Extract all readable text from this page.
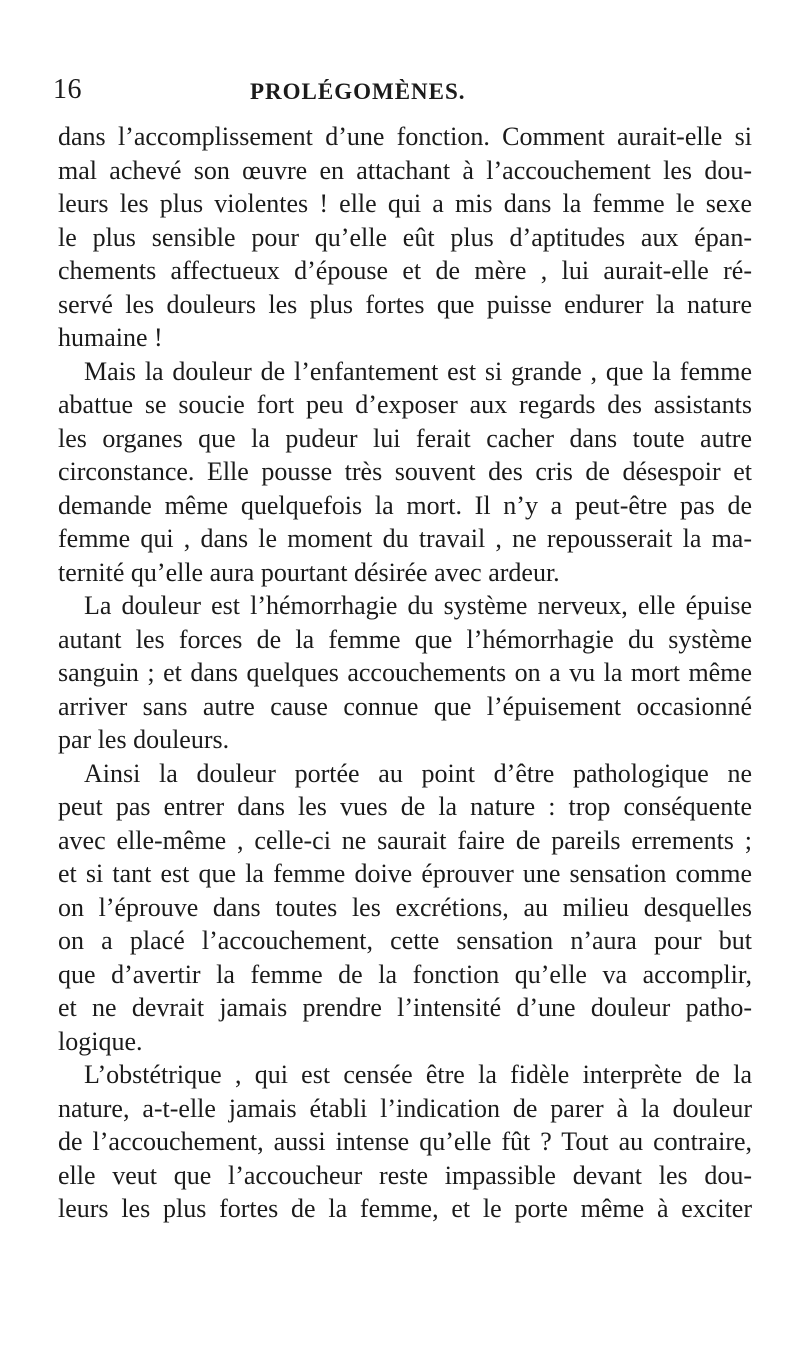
16	PROLÉGOMÈNES.
dans l’accomplissement d’une fonction. Comment aurait-elle si
mal achevé son œuvre en attachant à l’accouchement les dou-
leurs les plus violentes ! elle qui a mis dans la femme le sexe
le plus sensible pour qu’elle eût plus d’aptitudes aux épan-
chements affectueux d’épouse et de mère , lui aurait-elle ré-
servé les douleurs les plus fortes que puisse endurer la nature
humaine !
Mais la douleur de l’enfantement est si grande , que la femme
abattue se soucie fort peu d’exposer aux regards des assistants
les organes que la pudeur lui ferait cacher dans toute autre
circonstance. Elle pousse très souvent des cris de désespoir et
demande même quelquefois la mort. Il n’y a peut-être pas de
femme qui , dans le moment du travail , ne repousserait la ma-
ternité qu’elle aura pourtant désirée avec ardeur.
La douleur est l’hémorrhagie du système nerveux, elle épuise
autant les forces de la femme que l’hémorrhagie du système
sanguin ; et dans quelques accouchements on a vu la mort même
arriver sans autre cause connue que l’épuisement occasionné
par les douleurs.
Ainsi la douleur portée au point d’être pathologique ne
peut pas entrer dans les vues de la nature : trop conséquente
avec elle-même , celle-ci ne saurait faire de pareils errements ;
et si tant est que la femme doive éprouver une sensation comme
on l’éprouve dans toutes les excrétions, au milieu desquelles
on a placé l’accouchement, cette sensation n’aura pour but
que d’avertir la femme de la fonction qu’elle va accomplir,
et ne devrait jamais prendre l’intensité d’une douleur patho-
logique.
L’obstétrique , qui est censée être la fidèle interprète de la
nature, a-t-elle jamais établi l’indication de parer à la douleur
de l’accouchement, aussi intense qu’elle fût ? Tout au contraire,
elle veut que l’accoucheur reste impassible devant les dou-
leurs les plus fortes de la femme, et le porte même à exciter
